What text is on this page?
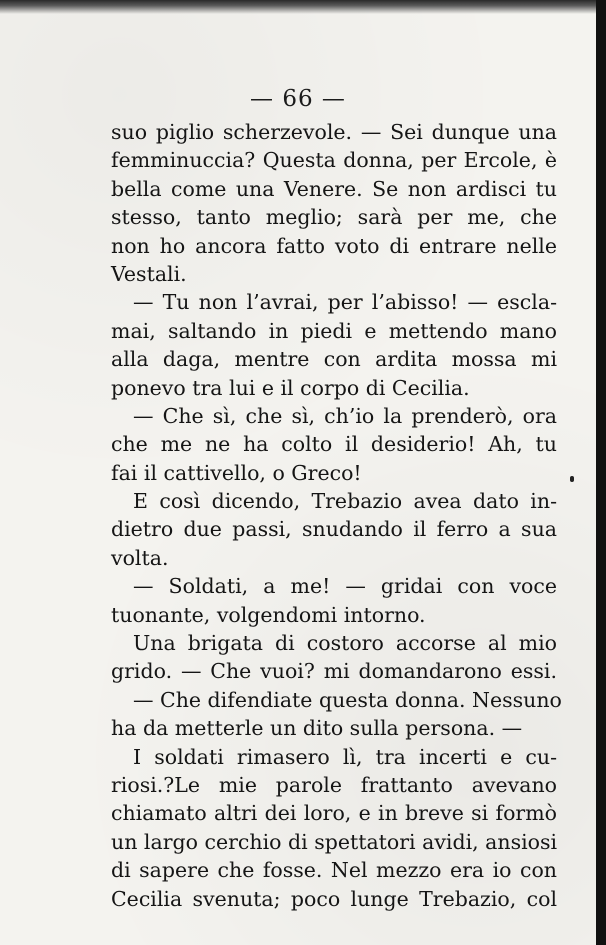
— 66 —
suo piglio scherzevole. — Sei dunque una
femminuccia? Questa donna, per Ercole, è
bella come una Venere. Se non ardisci tu
stesso, tanto meglio; sarà per me, che
non ho ancora fatto voto di entrare nelle
Vestali.
— Tu non l’avrai, per l’abisso! — escla-
mai, saltando in piedi e mettendo mano
alla daga, mentre con ardita mossa mi
ponevo tra lui e il corpo di Cecilia.
— Che sì, che sì, ch’io la prenderò, ora
che me ne ha colto il desiderio! Ah, tu
fai il cattivello, o Greco!
E così dicendo, Trebazio avea dato in-
dietro due passi, snudando il ferro a sua
volta.
— Soldati, a me! — gridai con voce
tuonante, volgendomi intorno.
Una brigata di costoro accorse al mio
grido. — Che vuoi? mi domandarono essi.
— Che difendiate questa donna. Nessuno
ha da metterle un dito sulla persona. —
I soldati rimasero lì, tra incerti e cu-
riosi.?Le mie parole frattanto avevano
chiamato altri dei loro, e in breve si formò
un largo cerchio di spettatori avidi, ansiosi
di sapere che fosse. Nel mezzo era io con
Cecilia svenuta; poco lunge Trebazio, col
